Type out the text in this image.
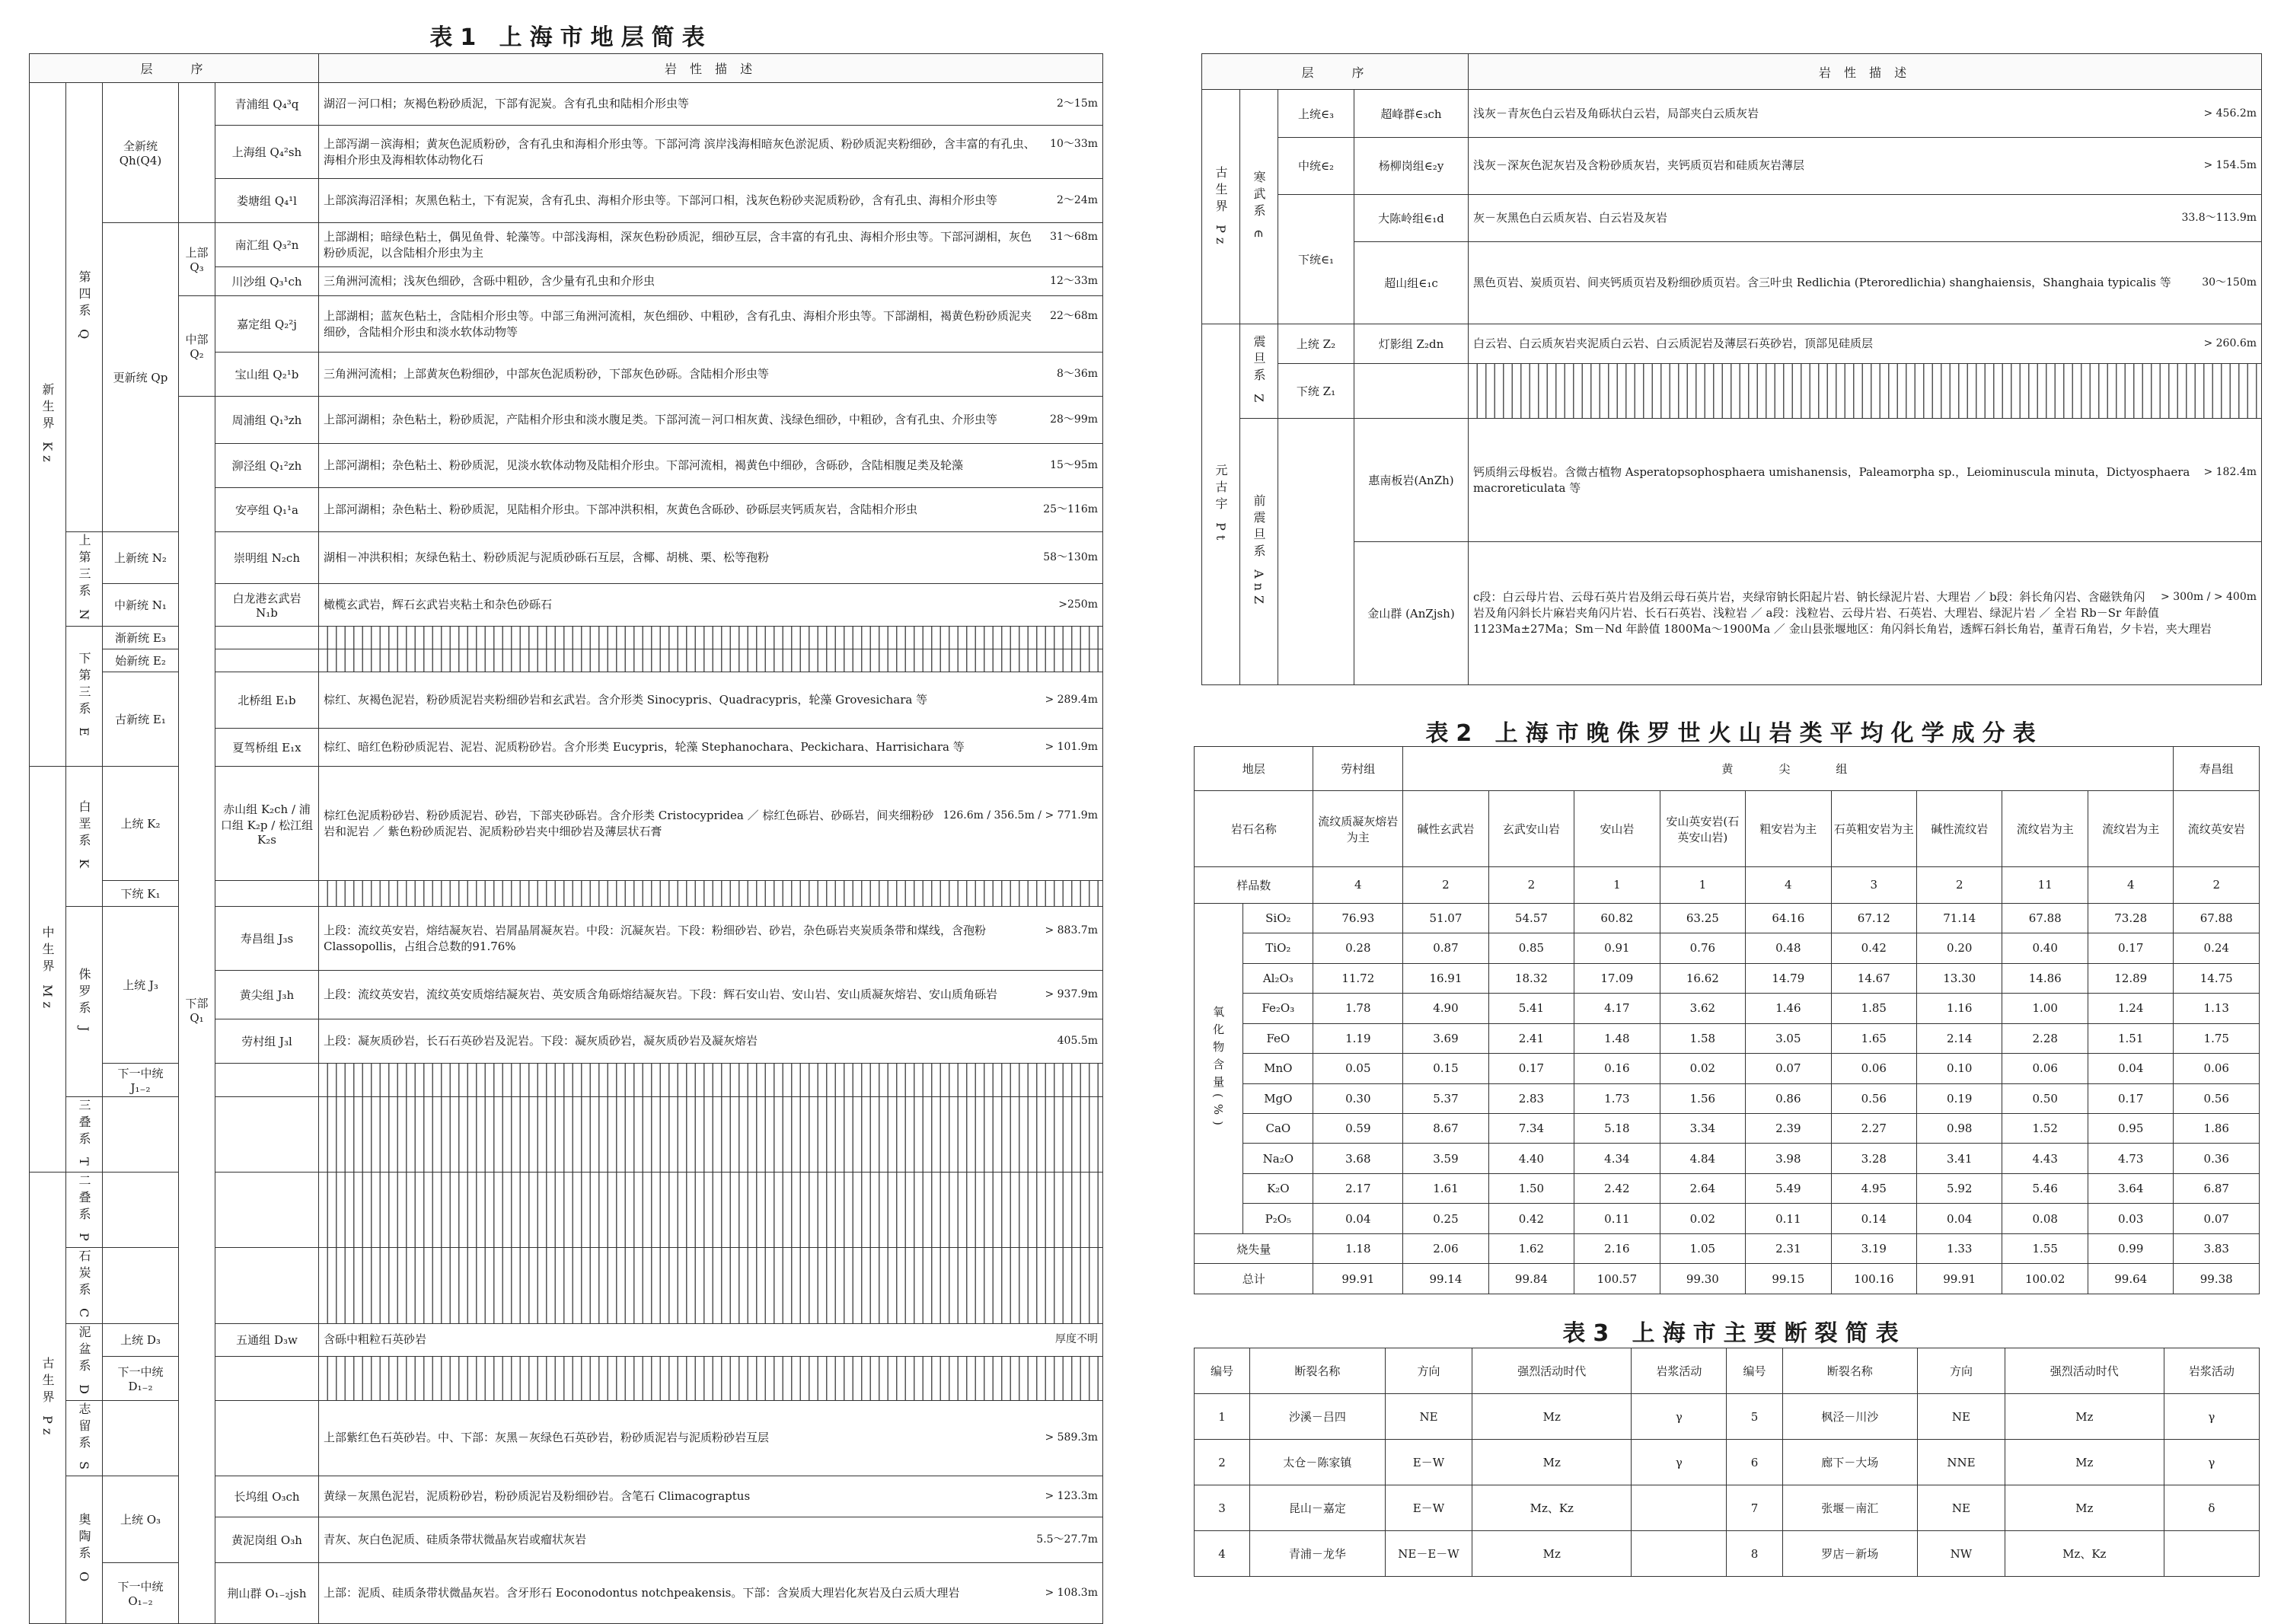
表1 上海市地层简表
层　　序					岩 性 描 述
新生界 Kz	第四系 Q	全新统 Qh(Q4)		青浦组 Q₄³q	2～15m
湖沼－河口相；灰褐色粉砂质泥，下部有泥炭。含有孔虫和陆相介形虫等
				上海组 Q₄²sh	10～33m
上部泻湖－滨海相；黄灰色泥质粉砂，含有孔虫和海相介形虫等。下部河湾 滨岸浅海相暗灰色淤泥质、粉砂质泥夹粉细砂，含丰富的有孔虫、海相介形虫及海相软体动物化石
				娄塘组 Q₄¹l	2～24m
上部滨海沼泽相；灰黑色粘土，下有泥炭，含有孔虫、海相介形虫等。下部河口相，浅灰色粉砂夹泥质粉砂，含有孔虫、海相介形虫等
		更新统 Qp	上部 Q₃	南汇组 Q₃²n	31～68m
上部湖相；暗绿色粘土，偶见鱼骨、轮藻等。中部浅海相，深灰色粉砂质泥，细砂互层，含丰富的有孔虫、海相介形虫等。下部河湖相，灰色粉砂质泥，以含陆相介形虫为主
				川沙组 Q₃¹ch	12～33m
三角洲河流相；浅灰色细砂，含砾中粗砂，含少量有孔虫和介形虫
			中部 Q₂	嘉定组 Q₂²j	22～68m
上部湖相；蓝灰色粘土，含陆相介形虫等。中部三角洲河流相，灰色细砂、中粗砂，含有孔虫、海相介形虫等。下部湖相，褐黄色粉砂质泥夹细砂，含陆相介形虫和淡水软体动物等
				宝山组 Q₂¹b	8～36m
三角洲河流相；上部黄灰色粉细砂，中部灰色泥质粉砂，下部灰色砂砾。含陆相介形虫等
			下部 Q₁	周浦组 Q₁³zh	28～99m
上部河湖相；杂色粘土，粉砂质泥，产陆相介形虫和淡水腹足类。下部河流－河口相灰黄、浅绿色细砂，中粗砂，含有孔虫、介形虫等
				泖泾组 Q₁²zh	15～95m
上部河湖相；杂色粘土、粉砂质泥，见淡水软体动物及陆相介形虫。下部河流相，褐黄色中细砂，含砾砂，含陆相腹足类及轮藻
				安亭组 Q₁¹a	25～116m
上部河湖相；杂色粘土、粉砂质泥，见陆相介形虫。下部冲洪积相，灰黄色含砾砂、砂砾层夹钙质灰岩，含陆相介形虫
	上第三系 N	上新统 N₂		崇明组 N₂ch	58～130m
湖相－冲洪积相；灰绿色粘土、粉砂质泥与泥质砂砾石互层，含椰、胡桃、栗、松等孢粉
		中新统 N₁		白龙港玄武岩 N₁b	>250m
橄榄玄武岩，辉石玄武岩夹粘土和杂色砂砾石
	下第三系 E	渐新统 E₃			
		始新统 E₂			
		古新统 E₁		北桥组 E₁b	> 289.4m
棕红、灰褐色泥岩，粉砂质泥岩夹粉细砂岩和玄武岩。含介形类 Sinocypris、Quadracypris，轮藻 Grovesichara 等
				夏驾桥组 E₁x	> 101.9m
棕红、暗红色粉砂质泥岩、泥岩、泥质粉砂岩。含介形类 Eucypris，轮藻 Stephanochara、Peckichara、Harrisichara 等
中生界 Mz	白垩系 K	上统 K₂		赤山组 K₂ch / 浦口组 K₂p / 松江组 K₂s	126.6m / 356.5m / > 771.9m
棕红色泥质粉砂岩、粉砂质泥岩、砂岩，下部夹砂砾岩。含介形类 Cristocypridea ／ 棕红色砾岩、砂砾岩，间夹细粉砂岩和泥岩 ／ 紫色粉砂质泥岩、泥质粉砂岩夹中细砂岩及薄层状石膏
		下统 K₁			
	侏罗系 J	上统 J₃		寿昌组 J₃s	> 883.7m
上段：流纹英安岩，熔结凝灰岩、岩屑晶屑凝灰岩。中段：沉凝灰岩。下段：粉细砂岩、砂岩，杂色砾岩夹炭质条带和煤线，含孢粉 Classopollis，占组合总数的91.76%
				黄尖组 J₃h	> 937.9m
上段：流纹英安岩，流纹英安质熔结凝灰岩、英安质含角砾熔结凝灰岩。下段：辉石安山岩、安山岩、安山质凝灰熔岩、安山质角砾岩
				劳村组 J₃l	405.5m
上段：凝灰质砂岩，长石石英砂岩及泥岩。下段：凝灰质砂岩，凝灰质砂岩及凝灰熔岩
		下一中统 J₁₋₂			
	三叠系 T				
古生界 Pz	二叠系 P				
	石炭系 C				
	泥盆系 D	上统 D₃		五通组 D₃w	厚度不明
含砾中粗粒石英砂岩
		下一中统 D₁₋₂			
	志留系 S				> 589.3m
上部紫红色石英砂岩。中、下部：灰黑－灰绿色石英砂岩，粉砂质泥岩与泥质粉砂岩互层
	奥陶系 O	上统 O₃		长坞组 O₃ch	> 123.3m
黄绿－灰黑色泥岩，泥质粉砂岩，粉砂质泥岩及粉细砂岩。含笔石 Climacograptus
				黄泥岗组 O₃h	5.5～27.7m
青灰、灰白色泥质、硅质条带状微晶灰岩或瘤状灰岩
		下一中统 O₁₋₂		荆山群 O₁₋₂jsh	> 108.3m
上部：泥质、硅质条带状微晶灰岩。含牙形石 Eoconodontus notchpeakensis。下部：含炭质大理岩化灰岩及白云质大理岩
层　　序				岩 性 描 述
古生界 Pz	寒武系 ∈	上统∈₃	超峰群∈₃ch	> 456.2m
浅灰－青灰色白云岩及角砾状白云岩，局部夹白云质灰岩
		中统∈₂	杨柳岗组∈₂y	> 154.5m
浅灰－深灰色泥灰岩及含粉砂质灰岩，夹钙质页岩和硅质灰岩薄层
		下统∈₁	大陈岭组∈₁d	33.8～113.9m
灰－灰黑色白云质灰岩、白云岩及灰岩
			超山组∈₁c	30～150m
黑色页岩、炭质页岩、间夹钙质页岩及粉细砂质页岩。含三叶虫 Redlichia (Pteroredlichia) shanghaiensis，Shanghaia typicalis 等
元古宇 Pt	震旦系 Z	上统 Z₂	灯影组 Z₂dn	> 260.6m
白云岩、白云质灰岩夹泥质白云岩、白云质泥岩及薄层石英砂岩，顶部见硅质层
		下统 Z₁		
	前震旦系 AnZ		惠南板岩(AnZh)	> 182.4m
钙质绢云母板岩。含微古植物 Asperatopsophosphaera umishanensis，Paleamorpha sp.，Leiominuscula minuta，Dictyosphaera macroreticulata 等
			金山群 (AnZjsh)	> 300m / > 400m
c段：白云母片岩、云母石英片岩及绢云母石英片岩，夹绿帘钠长阳起片岩、钠长绿泥片岩、大理岩 ／ b段：斜长角闪岩、含磁铁角闪岩及角闪斜长片麻岩夹角闪片岩、长石石英岩、浅粒岩 ／ a段：浅粒岩、云母片岩、石英岩、大理岩、绿泥片岩 ／ 全岩 Rb－Sr 年龄值 1123Ma±27Ma；Sm－Nd 年龄值 1800Ma～1900Ma ／ 金山县张堰地区：角闪斜长角岩，透辉石斜长角岩，堇青石角岩，夕卡岩，夹大理岩
表2 上海市晚侏罗世火山岩类平均化学成分表
地层		劳村组	黄　　尖　　组									寿昌组
岩石名称		流纹质凝灰熔岩为主	碱性玄武岩	玄武安山岩	安山岩	安山英安岩(石英安山岩)	粗安岩为主	石英粗安岩为主	碱性流纹岩	流纹岩为主	流纹岩为主	流纹英安岩
样品数		4	2	2	1	1	4	3	2	11	4	2
氧化物含量(%)	SiO₂	76.93	51.07	54.57	60.82	63.25	64.16	67.12	71.14	67.88	73.28	67.88
	TiO₂	0.28	0.87	0.85	0.91	0.76	0.48	0.42	0.20	0.40	0.17	0.24
	Al₂O₃	11.72	16.91	18.32	17.09	16.62	14.79	14.67	13.30	14.86	12.89	14.75
	Fe₂O₃	1.78	4.90	5.41	4.17	3.62	1.46	1.85	1.16	1.00	1.24	1.13
	FeO	1.19	3.69	2.41	1.48	1.58	3.05	1.65	2.14	2.28	1.51	1.75
	MnO	0.05	0.15	0.17	0.16	0.02	0.07	0.06	0.10	0.06	0.04	0.06
	MgO	0.30	5.37	2.83	1.73	1.56	0.86	0.56	0.19	0.50	0.17	0.56
	CaO	0.59	8.67	7.34	5.18	3.34	2.39	2.27	0.98	1.52	0.95	1.86
	Na₂O	3.68	3.59	4.40	4.34	4.84	3.98	3.28	3.41	4.43	4.73	0.36
	K₂O	2.17	1.61	1.50	2.42	2.64	5.49	4.95	5.92	5.46	3.64	6.87
	P₂O₅	0.04	0.25	0.42	0.11	0.02	0.11	0.14	0.04	0.08	0.03	0.07
烧失量		1.18	2.06	1.62	2.16	1.05	2.31	3.19	1.33	1.55	0.99	3.83
总计		99.91	99.14	99.84	100.57	99.30	99.15	100.16	99.91	100.02	99.64	99.38
表3 上海市主要断裂简表
编号	断裂名称	方向	强烈活动时代	岩浆活动	编号	断裂名称	方向	强烈活动时代	岩浆活动
1	沙溪－吕四	NE	Mz	γ	5	枫泾－川沙	NE	Mz	γ
2	太仓－陈家镇	E－W	Mz	γ	6	廊下－大场	NNE	Mz	γ
3	昆山－嘉定	E－W	Mz、Kz		7	张堰－南汇	NE	Mz	δ
4	青浦－龙华	NE－E－W	Mz		8	罗店－新场	NW	Mz、Kz	
